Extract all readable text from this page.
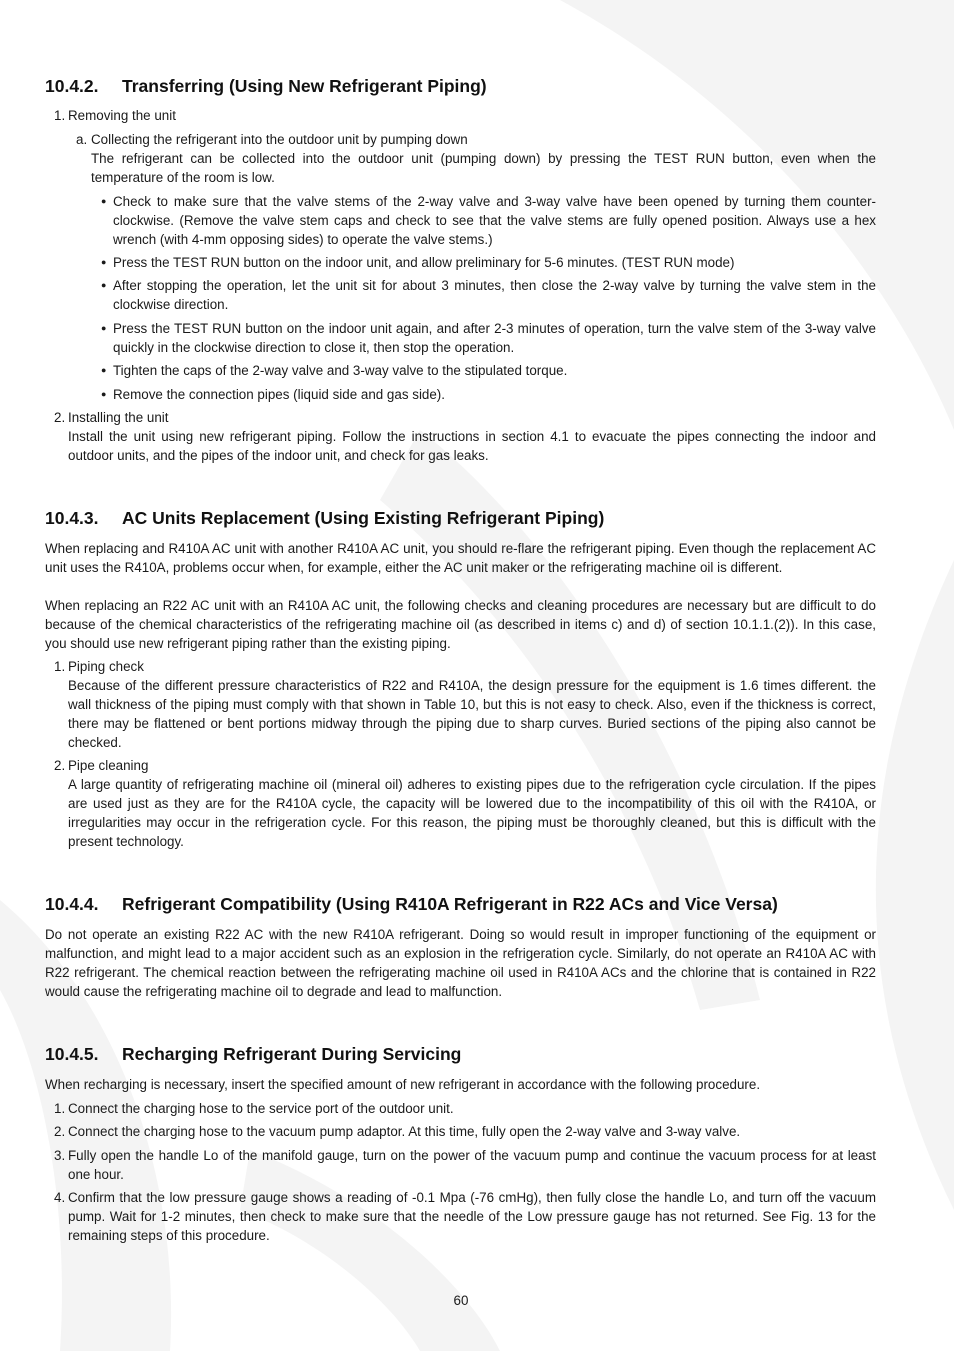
10.4.2. Transferring (Using New Refrigerant Piping)
1. Removing the unit
a. Collecting the refrigerant into the outdoor unit by pumping down
The refrigerant can be collected into the outdoor unit (pumping down) by pressing the TEST RUN button, even when the temperature of the room is low.
● Check to make sure that the valve stems of the 2-way valve and 3-way valve have been opened by turning them counter-clockwise. (Remove the valve stem caps and check to see that the valve stems are fully opened position. Always use a hex wrench (with 4-mm opposing sides) to operate the valve stems.)
● Press the TEST RUN button on the indoor unit, and allow preliminary for 5-6 minutes. (TEST RUN mode)
● After stopping the operation, let the unit sit for about 3 minutes, then close the 2-way valve by turning the valve stem in the clockwise direction.
● Press the TEST RUN button on the indoor unit again, and after 2-3 minutes of operation, turn the valve stem of the 3-way valve quickly in the clockwise direction to close it, then stop the operation.
● Tighten the caps of the 2-way valve and 3-way valve to the stipulated torque.
● Remove the connection pipes (liquid side and gas side).
2. Installing the unit
Install the unit using new refrigerant piping. Follow the instructions in section 4.1 to evacuate the pipes connecting the indoor and outdoor units, and the pipes of the indoor unit, and check for gas leaks.
10.4.3. AC Units Replacement (Using Existing Refrigerant Piping)
When replacing and R410A AC unit with another R410A AC unit, you should re-flare the refrigerant piping. Even though the replacement AC unit uses the R410A, problems occur when, for example, either the AC unit maker or the refrigerating machine oil is different.
When replacing an R22 AC unit with an R410A AC unit, the following checks and cleaning procedures are necessary but are difficult to do because of the chemical characteristics of the refrigerating machine oil (as described in items c) and d) of section 10.1.1.(2)). In this case, you should use new refrigerant piping rather than the existing piping.
1. Piping check
Because of the different pressure characteristics of R22 and R410A, the design pressure for the equipment is 1.6 times different. the wall thickness of the piping must comply with that shown in Table 10, but this is not easy to check. Also, even if the thickness is correct, there may be flattened or bent portions midway through the piping due to sharp curves. Buried sections of the piping also cannot be checked.
2. Pipe cleaning
A large quantity of refrigerating machine oil (mineral oil) adheres to existing pipes due to the refrigeration cycle circulation. If the pipes are used just as they are for the R410A cycle, the capacity will be lowered due to the incompatibility of this oil with the R410A, or irregularities may occur in the refrigeration cycle. For this reason, the piping must be thoroughly cleaned, but this is difficult with the present technology.
10.4.4. Refrigerant Compatibility (Using R410A Refrigerant in R22 ACs and Vice Versa)
Do not operate an existing R22 AC with the new R410A refrigerant. Doing so would result in improper functioning of the equipment or malfunction, and might lead to a major accident such as an explosion in the refrigeration cycle. Similarly, do not operate an R410A AC with R22 refrigerant. The chemical reaction between the refrigerating machine oil used in R410A ACs and the chlorine that is contained in R22 would cause the refrigerating machine oil to degrade and lead to malfunction.
10.4.5. Recharging Refrigerant During Servicing
When recharging is necessary, insert the specified amount of new refrigerant in accordance with the following procedure.
1. Connect the charging hose to the service port of the outdoor unit.
2. Connect the charging hose to the vacuum pump adaptor. At this time, fully open the 2-way valve and 3-way valve.
3. Fully open the handle Lo of the manifold gauge, turn on the power of the vacuum pump and continue the vacuum process for at least one hour.
4. Confirm that the low pressure gauge shows a reading of -0.1 Mpa (-76 cmHg), then fully close the handle Lo, and turn off the vacuum pump. Wait for 1-2 minutes, then check to make sure that the needle of the Low pressure gauge has not returned. See Fig. 13 for the remaining steps of this procedure.
60
